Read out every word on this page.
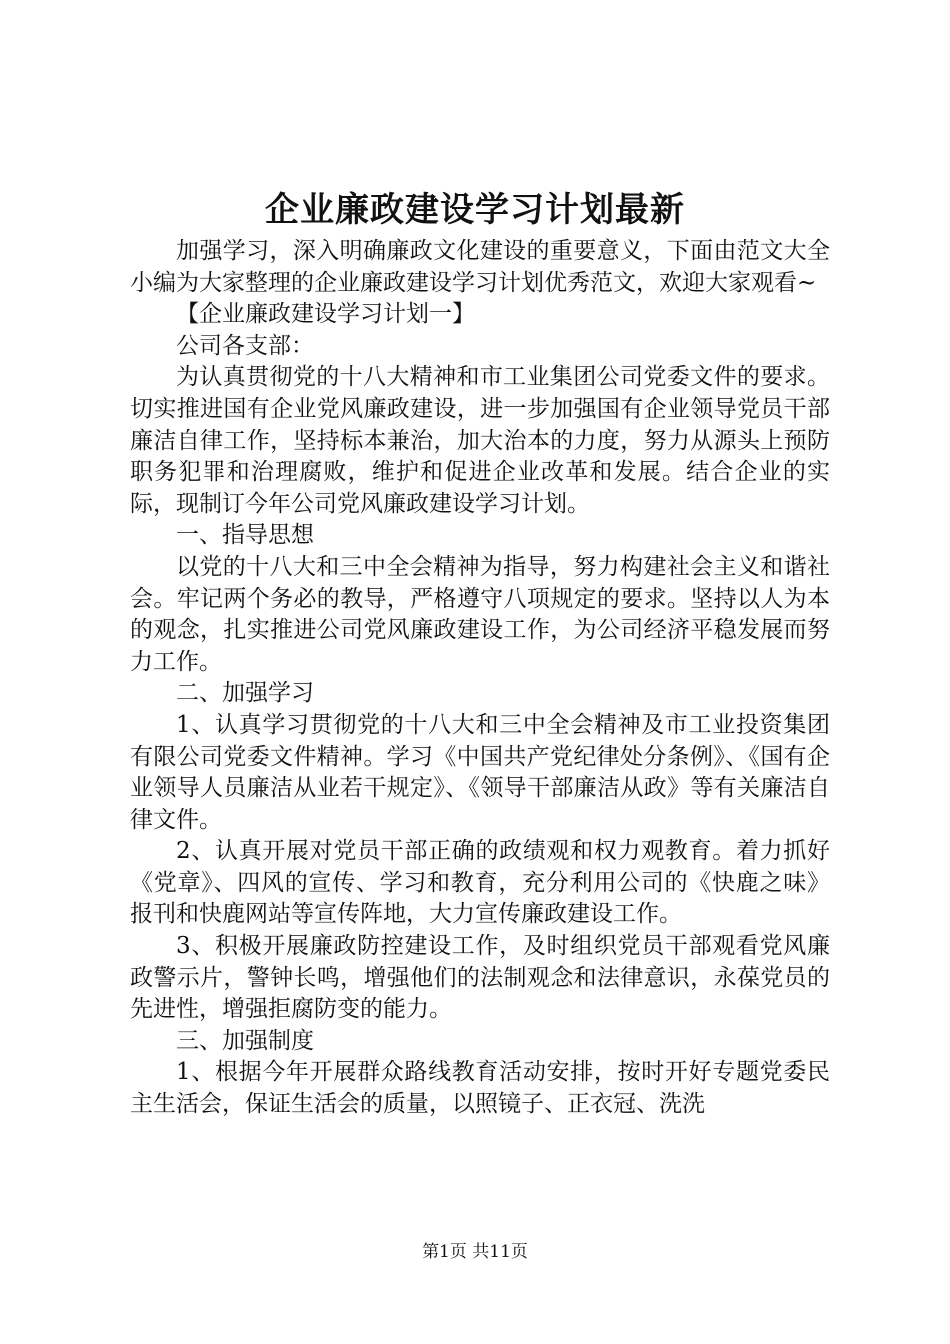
企业廉政建设学习计划最新

加强学习，深入明确廉政文化建设的重要意义，下面由范文大全小编为大家整理的企业廉政建设学习计划优秀范文，欢迎大家观看~

【企业廉政建设学习计划一】

公司各支部：

为认真贯彻党的十八大精神和市工业集团公司党委文件的要求。切实推进国有企业党风廉政建设，进一步加强国有企业领导党员干部廉洁自律工作，坚持标本兼治，加大治本的力度，努力从源头上预防职务犯罪和治理腐败，维护和促进企业改革和发展。结合企业的实际，现制订今年公司党风廉政建设学习计划。

一、指导思想

以党的十八大和三中全会精神为指导，努力构建社会主义和谐社会。牢记两个务必的教导，严格遵守八项规定的要求。坚持以人为本的观念，扎实推进公司党风廉政建设工作，为公司经济平稳发展而努力工作。

二、加强学习

1、认真学习贯彻党的十八大和三中全会精神及市工业投资集团有限公司党委文件精神。学习《中国共产党纪律处分条例》、《国有企业领导人员廉洁从业若干规定》、《领导干部廉洁从政》等有关廉洁自律文件。

2、认真开展对党员干部正确的政绩观和权力观教育。着力抓好《党章》、四风的宣传、学习和教育，充分利用公司的《快鹿之味》报刊和快鹿网站等宣传阵地，大力宣传廉政建设工作。

3、积极开展廉政防控建设工作，及时组织党员干部观看党风廉政警示片，警钟长鸣，增强他们的法制观念和法律意识，永葆党员的先进性，增强拒腐防变的能力。

三、加强制度

1、根据今年开展群众路线教育活动安排，按时开好专题党委民主生活会，保证生活会的质量，以照镜子、正衣冠、洗洗

第1页 共11页
